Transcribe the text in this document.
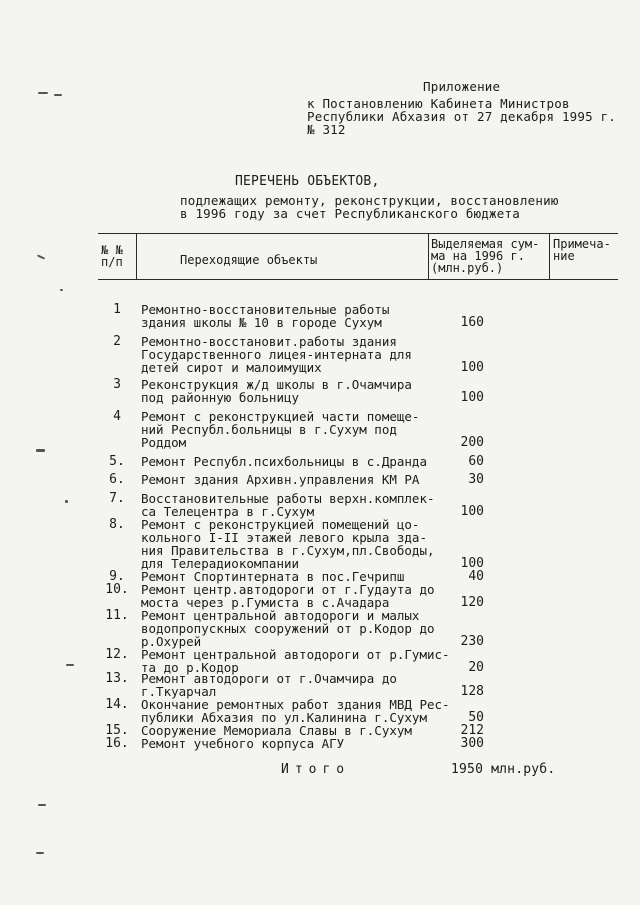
Приложение
к Постановлению Кабинета Министров
Республики Абхазия от 27 декабря 1995 г.
№ 312
ПЕРЕЧЕНЬ ОБЪЕКТОВ,
подлежащих ремонту, реконструкции, восстановлению
в 1996 году за счет Республиканского бюджета
№ №
п/п	Переходящие объекты
Выделяемая сум-
ма на 1996 г.
(млн.руб.)
Примеча-
ние
1	Ремонтно-восстановительные работы
здания школы № 10 в городе Сухум	160
2	Ремонтно-восстановит.работы здания
Государственного лицея-интерната для
детей сирот и малоимущих	100
3	Реконструкция ж/д школы в г.Очамчира
под районную больницу	100
4	Ремонт с реконструкцией части помеще-
ний Республ.больницы в г.Сухум под
Роддом	200
5.	Ремонт Республ.психбольницы в с.Дранда	60
6.	Ремонт здания Архивн.управления КМ РА	30
7.	Восстановительные работы верхн.комплек-
са Телецентра в г.Сухум	100
8.	Ремонт с реконструкцией помещений цо-
кольного I-II этажей левого крыла зда-
ния Правительства в г.Сухум,пл.Свободы,
для Телерадиокомпании	100
9.	Ремонт Спортинтерната в пос.Гечрипш	40
10. Ремонт центр.автодороги от г.Гудаута до
моста через р.Гумиста в с.Ачадара	120
11. Ремонт центральной автодороги и малых
водопропускных сооружений от р.Кодор до
р.Охурей	230
12. Ремонт центральной автодороги от р.Гумис-
та до р.Кодор	20
13. Ремонт автодороги от г.Очамчира до
г.Ткуарчал	128
14. Окончание ремонтных работ здания МВД Рес-
публики Абхазия по ул.Калинина г.Сухум	50
15. Сооружение Мемориала Славы в г.Сухум	212
16. Ремонт учебного корпуса АГУ	300
Итого	1950 млн.руб.
